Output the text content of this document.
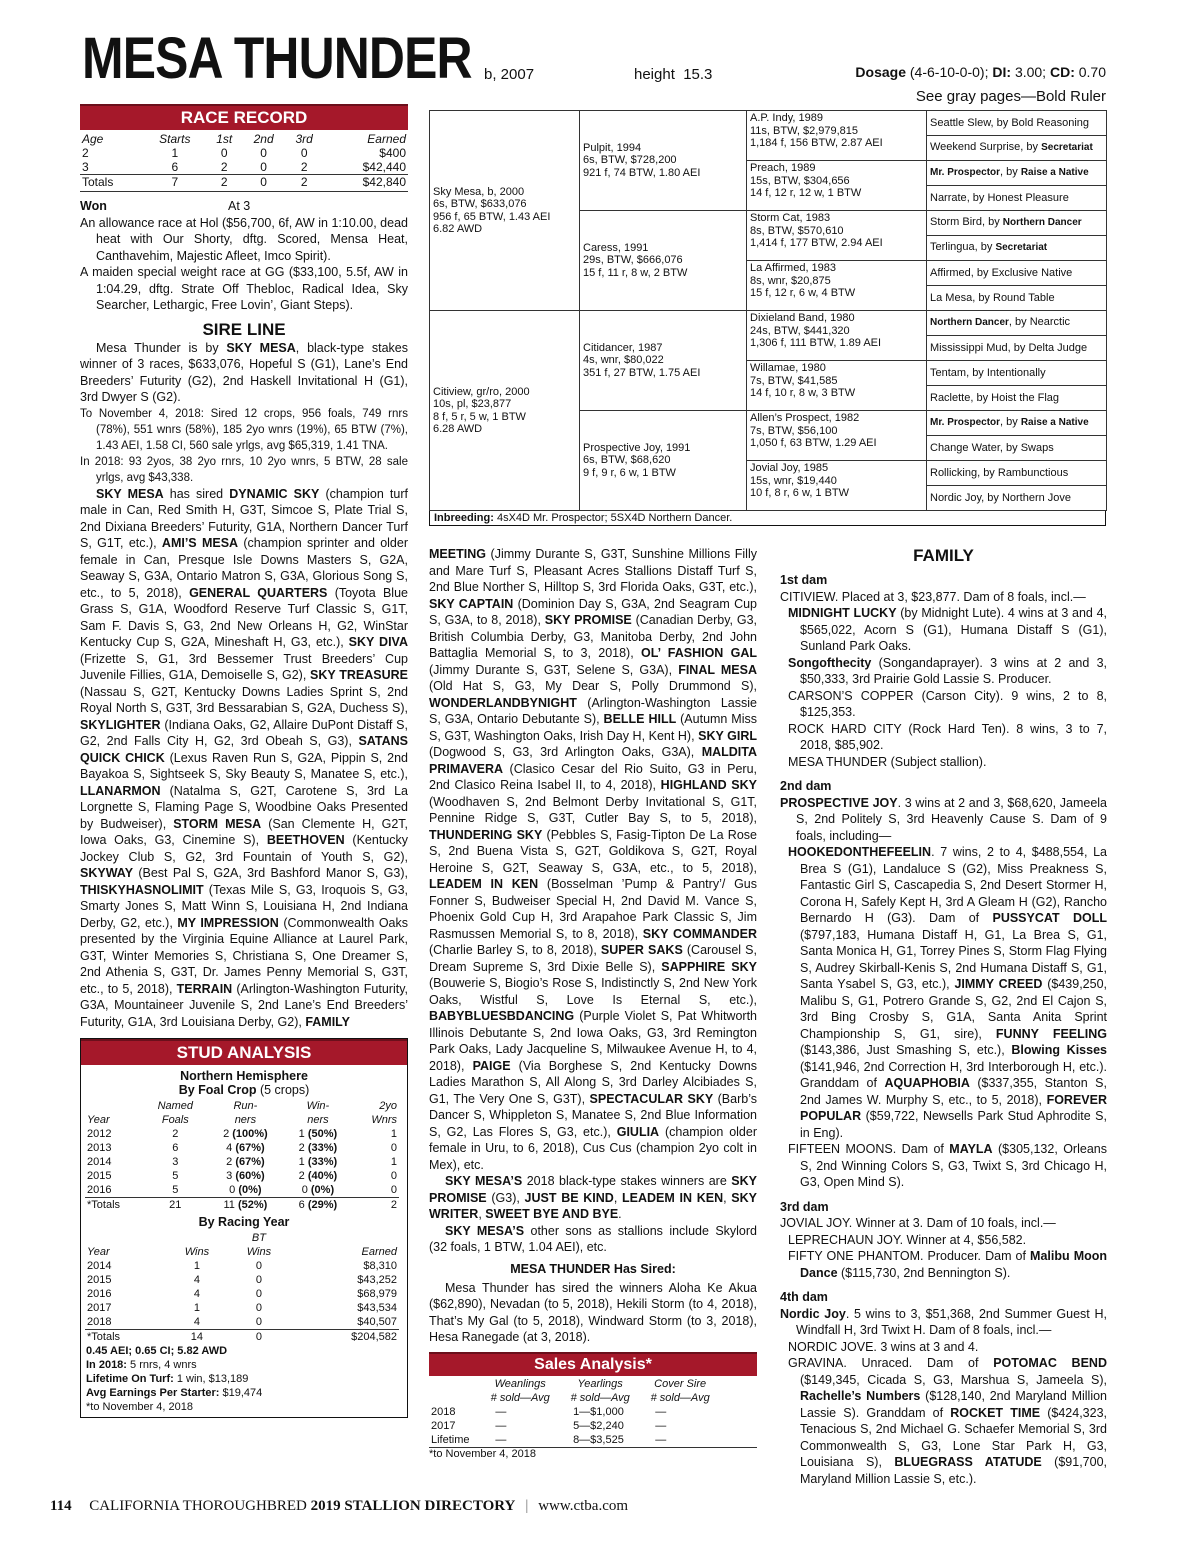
MESA THUNDER b, 2007	height  15.3	Dosage (4-6-10-0-0); DI: 3.00; CD: 0.70
See gray pages—Bold Ruler
RACE RECORD
Age	Starts	1st	2nd	3rd	Earned
2	1	0	0	0	$400
3	6	2	0	2	$42,440
Totals	7	2	0	2	$42,840
Won	At 3

An allowance race at Hol ($56,700, 6f, AW in 1:10.00, dead heat with Our Shorty, dftg. Scored, Mensa Heat, Canthavehim, Majestic Afleet, Imco Spirit).

A maiden special weight race at GG ($33,100, 5.5f, AW in 1:04.29, dftg. Strate Off Thebloc, Radical Idea, Sky Searcher, Lethargic, Free Lovin’, Giant Steps).

SIRE LINE

Mesa Thunder is by SKY MESA, black-type stakes winner of 3 races, $633,076, Hopeful S (G1), Lane’s End Breeders’ Futurity (G2), 2nd Haskell Invitational H (G1), 3rd Dwyer S (G2).

To November 4, 2018: Sired 12 crops, 956 foals, 749 rnrs (78%), 551 wnrs (58%), 185 2yo wnrs (19%), 65 BTW (7%), 1.43 AEI, 1.58 CI, 560 sale yrlgs, avg $65,319, 1.41 TNA.

In 2018: 93 2yos, 38 2yo rnrs, 10 2yo wnrs, 5 BTW, 28 sale yrlgs, avg $43,338.

SKY MESA has sired DYNAMIC SKY (champion turf male in Can, Red Smith H, G3T, Simcoe S, Plate Trial S, 2nd Dixiana Breeders’ Futurity, G1A, Northern Dancer Turf S, G1T, etc.), AMI’S MESA (champion sprinter and older female in Can, Presque Isle Downs Masters S, G2A, Seaway S, G3A, Ontario Matron S, G3A, Glorious Song S, etc., to 5, 2018), GENERAL QUARTERS (Toyota Blue Grass S, G1A, Woodford Reserve Turf Classic S, G1T, Sam F. Davis S, G3, 2nd New Orleans H, G2, WinStar Kentucky Cup S, G2A, Mineshaft H, G3, etc.), SKY DIVA (Frizette S, G1, 3rd Bessemer Trust Breeders’ Cup Juvenile Fillies, G1A, Demoiselle S, G2), SKY TREASURE (Nassau S, G2T, Kentucky Downs Ladies Sprint S, 2nd Royal North S, G3T, 3rd Bessarabian S, G2A, Duchess S), SKYLIGHTER (Indiana Oaks, G2, Allaire DuPont Distaff S, G2, 2nd Falls City H, G2, 3rd Obeah S, G3), SATANS QUICK CHICK (Lexus Raven Run S, G2A, Pippin S, 2nd Bayakoa S, Sightseek S, Sky Beauty S, Manatee S, etc.), LLANARMON (Natalma S, G2T, Carotene S, 3rd La Lorgnette S, Flaming Page S, Woodbine Oaks Presented by Budweiser), STORM MESA (San Clemente H, G2T, Iowa Oaks, G3, Cinemine S), BEETHOVEN (Kentucky Jockey Club S, G2, 3rd Fountain of Youth S, G2), SKYWAY (Best Pal S, G2A, 3rd Bashford Manor S, G3), THISKYHASNOLIMIT (Texas Mile S, G3, Iroquois S, G3, Smarty Jones S, Matt Winn S, Louisiana H, 2nd Indiana Derby, G2, etc.), MY IMPRESSION (Commonwealth Oaks presented by the Virginia Equine Alliance at Laurel Park, G3T, Winter Memories S, Christiana S, One Dreamer S, 2nd Athenia S, G3T, Dr. James Penny Memorial S, G3T, etc., to 5, 2018), TERRAIN (Arlington-Washington Futurity, G3A, Mountaineer Juvenile S, 2nd Lane’s End Breeders’ Futurity, G1A, 3rd Louisiana Derby, G2), FAMILY

STUD ANALYSIS
Northern Hemisphere
By Foal Crop (5 crops)
	Named	Run-	Win-	2yo
Year	Foals	ners	ners	Wnrs
2012	2	2 (100%)	1 (50%)	1
2013	6	4 (67%)	2 (33%)	0
2014	3	2 (67%)	1 (33%)	1
2015	5	3 (60%)	2 (40%)	0
2016	5	0 (0%)	0 (0%)	0
*Totals	21	11 (52%)	6 (29%)	2
By Racing Year
		BT	
Year	Wins	Wins	Earned
2014	1	0	$8,310
2015	4	0	$43,252
2016	4	0	$68,979
2017	1	0	$43,534
2018	4	0	$40,507
*Totals	14	0	$204,582
0.45 AEI; 0.65 CI; 5.82 AWD
In 2018: 5 rnrs, 4 wnrs
Lifetime On Turf: 1 win, $13,189
Avg Earnings Per Starter: $19,474
*to November 4, 2018
Sky Mesa, b, 2000
6s, BTW, $633,076
956 f, 65 BTW, 1.43 AEI
6.82 AWD	Pulpit, 1994
6s, BTW, $728,200
921 f, 74 BTW, 1.80 AEI	A.P. Indy, 1989
11s, BTW, $2,979,815
1,184 f, 156 BTW, 2.87 AEI	Seattle Slew, by Bold Reasoning
			Weekend Surprise, by Secretariat
		Preach, 1989
15s, BTW, $304,656
14 f, 12 r, 12 w, 1 BTW	Mr. Prospector, by Raise a Native
			Narrate, by Honest Pleasure
	Caress, 1991
29s, BTW, $666,076
15 f, 11 r, 8 w, 2 BTW	Storm Cat, 1983
8s, BTW, $570,610
1,414 f, 177 BTW, 2.94 AEI	Storm Bird, by Northern Dancer
			Terlingua, by Secretariat
		La Affirmed, 1983
8s, wnr, $20,875
15 f, 12 r, 6 w, 4 BTW	Affirmed, by Exclusive Native
			La Mesa, by Round Table
Citiview, gr/ro, 2000
10s, pl, $23,877
8 f, 5 r, 5 w, 1 BTW
6.28 AWD	Citidancer, 1987
4s, wnr, $80,022
351 f, 27 BTW, 1.75 AEI	Dixieland Band, 1980
24s, BTW, $441,320
1,306 f, 111 BTW, 1.89 AEI	Northern Dancer, by Nearctic
			Mississippi Mud, by Delta Judge
		Willamae, 1980
7s, BTW, $41,585
14 f, 10 r, 8 w, 3 BTW	Tentam, by Intentionally
			Raclette, by Hoist the Flag
	Prospective Joy, 1991
6s, BTW, $68,620
9 f, 9 r, 6 w, 1 BTW	Allen’s Prospect, 1982
7s, BTW, $56,100
1,050 f, 63 BTW, 1.29 AEI	Mr. Prospector, by Raise a Native
			Change Water, by Swaps
		Jovial Joy, 1985
15s, wnr, $19,440
10 f, 8 r, 6 w, 1 BTW	Rollicking, by Rambunctious
			Nordic Joy, by Northern Jove
Inbreeding: 4sX4D Mr. Prospector; 5SX4D Northern Dancer.

MEETING (Jimmy Durante S, G3T, Sunshine Millions Filly and Mare Turf S, Pleasant Acres Stallions Distaff Turf S, 2nd Blue Norther S, Hilltop S, 3rd Florida Oaks, G3T, etc.), SKY CAPTAIN (Dominion Day S, G3A, 2nd Seagram Cup S, G3A, to 8, 2018), SKY PROMISE (Canadian Derby, G3, British Columbia Derby, G3, Manitoba Derby, 2nd John Battaglia Memorial S, to 3, 2018), OL’ FASHION GAL (Jimmy Durante S, G3T, Selene S, G3A), FINAL MESA (Old Hat S, G3, My Dear S, Polly Drummond S), WONDERLANDBYNIGHT (Arlington-Washington Lassie S, G3A, Ontario Debutante S), BELLE HILL (Autumn Miss S, G3T, Washington Oaks, Irish Day H, Kent H), SKY GIRL (Dogwood S, G3, 3rd Arlington Oaks, G3A), MALDITA PRIMAVERA (Clasico Cesar del Rio Suito, G3 in Peru, 2nd Clasico Reina Isabel II, to 4, 2018), HIGHLAND SKY (Woodhaven S, 2nd Belmont Derby Invitational S, G1T, Pennine Ridge S, G3T, Cutler Bay S, to 5, 2018), THUNDERING SKY (Pebbles S, Fasig-Tipton De La Rose S, 2nd Buena Vista S, G2T, Goldikova S, G2T, Royal Heroine S, G2T, Seaway S, G3A, etc., to 5, 2018), LEADEM IN KEN (Bosselman ’Pump & Pantry’/ Gus Fonner S, Budweiser Special H, 2nd David M. Vance S, Phoenix Gold Cup H, 3rd Arapahoe Park Classic S, Jim Rasmussen Memorial S, to 8, 2018), SKY COMMANDER (Charlie Barley S, to 8, 2018), SUPER SAKS (Carousel S, Dream Supreme S, 3rd Dixie Belle S), SAPPHIRE SKY (Bouwerie S, Biogio’s Rose S, Indistinctly S, 2nd New York Oaks, Wistful S, Love Is Eternal S, etc.), BABYBLUESBDANCING (Purple Violet S, Pat Whitworth Illinois Debutante S, 2nd Iowa Oaks, G3, 3rd Remington Park Oaks, Lady Jacqueline S, Milwaukee Avenue H, to 4, 2018), PAIGE (Via Borghese S, 2nd Kentucky Downs Ladies Marathon S, All Along S, 3rd Darley Alcibiades S, G1, The Very One S, G3T), SPECTACULAR SKY (Barb’s Dancer S, Whippleton S, Manatee S, 2nd Blue Information S, G2, Las Flores S, G3, etc.), GIULIA (champion older female in Uru, to 6, 2018), Cus Cus (champion 2yo colt in Mex), etc.

SKY MESA’S 2018 black-type stakes winners are SKY PROMISE (G3), JUST BE KIND, LEADEM IN KEN, SKY WRITER, SWEET BYE AND BYE.

SKY MESA’S other sons as stallions include Skylord (32 foals, 1 BTW, 1.04 AEI), etc.

MESA THUNDER Has Sired:
Mesa Thunder has sired the winners Aloha Ke Akua ($62,890), Nevadan (to 5, 2018), Hekili Storm (to 4, 2018), That’s My Gal (to 5, 2018), Windward Storm (to 3, 2018), Hesa Ranegade (at 3, 2018).
Sales Analysis*
	Weanlings	Yearlings	Cover Sire
	# sold—Avg	# sold—Avg	# sold—Avg
2018	—	1—$1,000	—
2017	—	5—$2,240	—
Lifetime	—	8—$3,525	—
*to November 4, 2018
FAMILY
1st dam

CITIVIEW. Placed at 3, $23,877. Dam of 8 foals, incl.—

MIDNIGHT LUCKY (by Midnight Lute). 4 wins at 3 and 4, $565,022, Acorn S (G1), Humana Distaff S (G1), Sunland Park Oaks.

Songofthecity (Songandaprayer). 3 wins at 2 and 3, $50,333, 3rd Prairie Gold Lassie S. Producer.

CARSON’S COPPER (Carson City). 9 wins, 2 to 8, $125,353.

ROCK HARD CITY (Rock Hard Ten). 8 wins, 3 to 7, 2018, $85,902.

MESA THUNDER (Subject stallion).

2nd dam

PROSPECTIVE JOY. 3 wins at 2 and 3, $68,620, Jameela S, 2nd Politely S, 3rd Heavenly Cause S. Dam of 9 foals, including—

HOOKEDONTHEFEELIN. 7 wins, 2 to 4, $488,554, La Brea S (G1), Landaluce S (G2), Miss Preakness S, Fantastic Girl S, Cascapedia S, 2nd Desert Stormer H, Corona H, Safely Kept H, 3rd A Gleam H (G2), Rancho Bernardo H (G3). Dam of PUSSYCAT DOLL ($797,183, Humana Distaff H, G1, La Brea S, G1, Santa Monica H, G1, Torrey Pines S, Storm Flag Flying S, Audrey Skirball-Kenis S, 2nd Humana Distaff S, G1, Santa Ysabel S, G3, etc.), JIMMY CREED ($439,250, Malibu S, G1, Potrero Grande S, G2, 2nd El Cajon S, 3rd Bing Crosby S, G1A, Santa Anita Sprint Championship S, G1, sire), FUNNY FEELING ($143,386, Just Smashing S, etc.), Blowing Kisses ($141,946, 2nd Correction H, 3rd Interborough H, etc.). Granddam of AQUAPHOBIA ($337,355, Stanton S, 2nd James W. Murphy S, etc., to 5, 2018), FOREVER POPULAR ($59,722, Newsells Park Stud Aphrodite S, in Eng).

FIFTEEN MOONS. Dam of MAYLA ($305,132, Orleans S, 2nd Winning Colors S, G3, Twixt S, 3rd Chicago H, G3, Open Mind S).

3rd dam

JOVIAL JOY. Winner at 3. Dam of 10 foals, incl.—

LEPRECHAUN JOY. Winner at 4, $56,582.

FIFTY ONE PHANTOM. Producer. Dam of Malibu Moon Dance ($115,730, 2nd Bennington S).

4th dam

Nordic Joy. 5 wins to 3, $51,368, 2nd Summer Guest H, Windfall H, 3rd Twixt H. Dam of 8 foals, incl.—

NORDIC JOVE. 3 wins at 3 and 4.

GRAVINA. Unraced. Dam of POTOMAC BEND ($149,345, Cicada S, G3, Marshua S, Jameela S), Rachelle’s Numbers ($128,140, 2nd Maryland Million Lassie S). Granddam of ROCKET TIME ($424,323, Tenacious S, 2nd Michael G. Schaefer Memorial S, 3rd Commonwealth S, G3, Lone Star Park H, G3, Louisiana S), BLUEGRASS ATATUDE ($91,700, Maryland Million Lassie S, etc.).

114 CALIFORNIA THOROUGHBRED 2019 STALLION DIRECTORY | www.ctba.com
